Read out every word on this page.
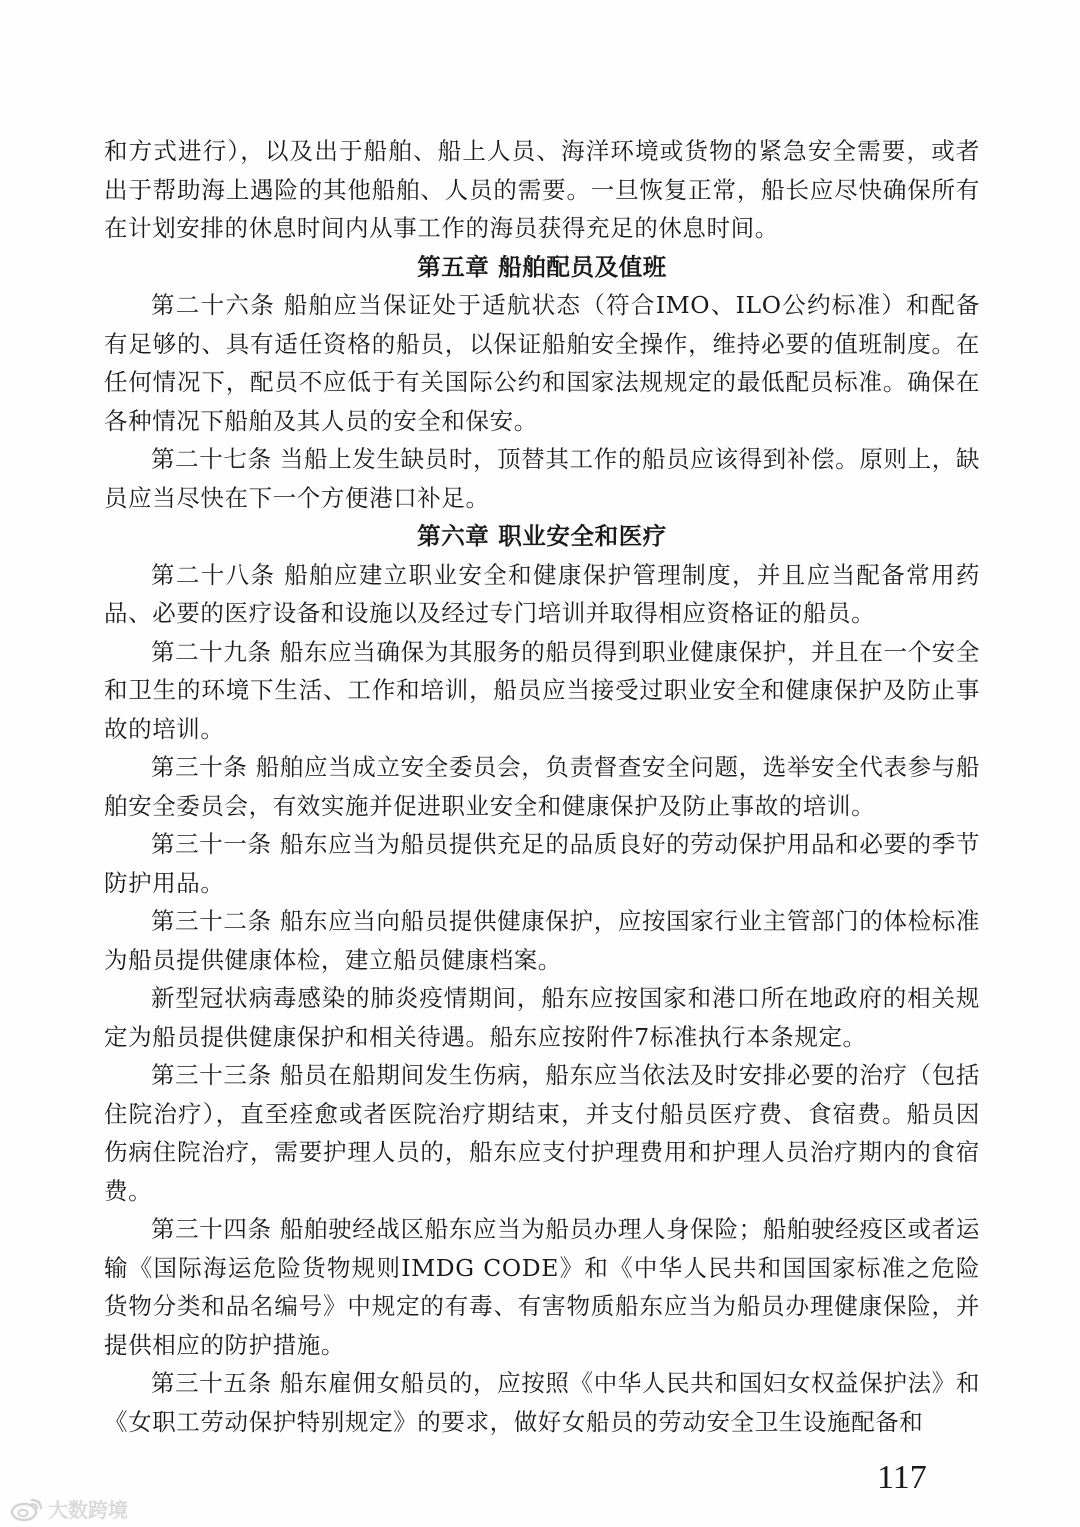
和方式进行），以及出于船舶、船上人员、海洋环境或货物的紧急安全需要，或者出于帮助海上遇险的其他船舶、人员的需要。一旦恢复正常，船长应尽快确保所有在计划安排的休息时间内从事工作的海员获得充足的休息时间。

第五章 船舶配员及值班

第二十六条 船舶应当保证处于适航状态（符合IMO、ILO公约标准）和配备有足够的、具有适任资格的船员，以保证船舶安全操作，维持必要的值班制度。在任何情况下，配员不应低于有关国际公约和国家法规规定的最低配员标准。确保在各种情况下船舶及其人员的安全和保安。

第二十七条 当船上发生缺员时，顶替其工作的船员应该得到补偿。原则上，缺员应当尽快在下一个方便港口补足。

第六章 职业安全和医疗

第二十八条 船舶应建立职业安全和健康保护管理制度，并且应当配备常用药品、必要的医疗设备和设施以及经过专门培训并取得相应资格证的船员。

第二十九条 船东应当确保为其服务的船员得到职业健康保护，并且在一个安全和卫生的环境下生活、工作和培训，船员应当接受过职业安全和健康保护及防止事故的培训。

第三十条 船舶应当成立安全委员会，负责督查安全问题，选举安全代表参与船舶安全委员会，有效实施并促进职业安全和健康保护及防止事故的培训。

第三十一条 船东应当为船员提供充足的品质良好的劳动保护用品和必要的季节防护用品。

第三十二条 船东应当向船员提供健康保护，应按国家行业主管部门的体检标准为船员提供健康体检，建立船员健康档案。

新型冠状病毒感染的肺炎疫情期间，船东应按国家和港口所在地政府的相关规定为船员提供健康保护和相关待遇。船东应按附件7标准执行本条规定。

第三十三条 船员在船期间发生伤病，船东应当依法及时安排必要的治疗（包括住院治疗），直至痊愈或者医院治疗期结束，并支付船员医疗费、食宿费。船员因伤病住院治疗，需要护理人员的，船东应支付护理费用和护理人员治疗期内的食宿费。

第三十四条 船舶驶经战区船东应当为船员办理人身保险；船舶驶经疫区或者运输《国际海运危险货物规则IMDG CODE》和《中华人民共和国国家标准之危险货物分类和品名编号》中规定的有毒、有害物质船东应当为船员办理健康保险，并提供相应的防护措施。

第三十五条 船东雇佣女船员的，应按照《中华人民共和国妇女权益保护法》和《女职工劳动保护特别规定》的要求，做好女船员的劳动安全卫生设施配备和

117
大数跨境
